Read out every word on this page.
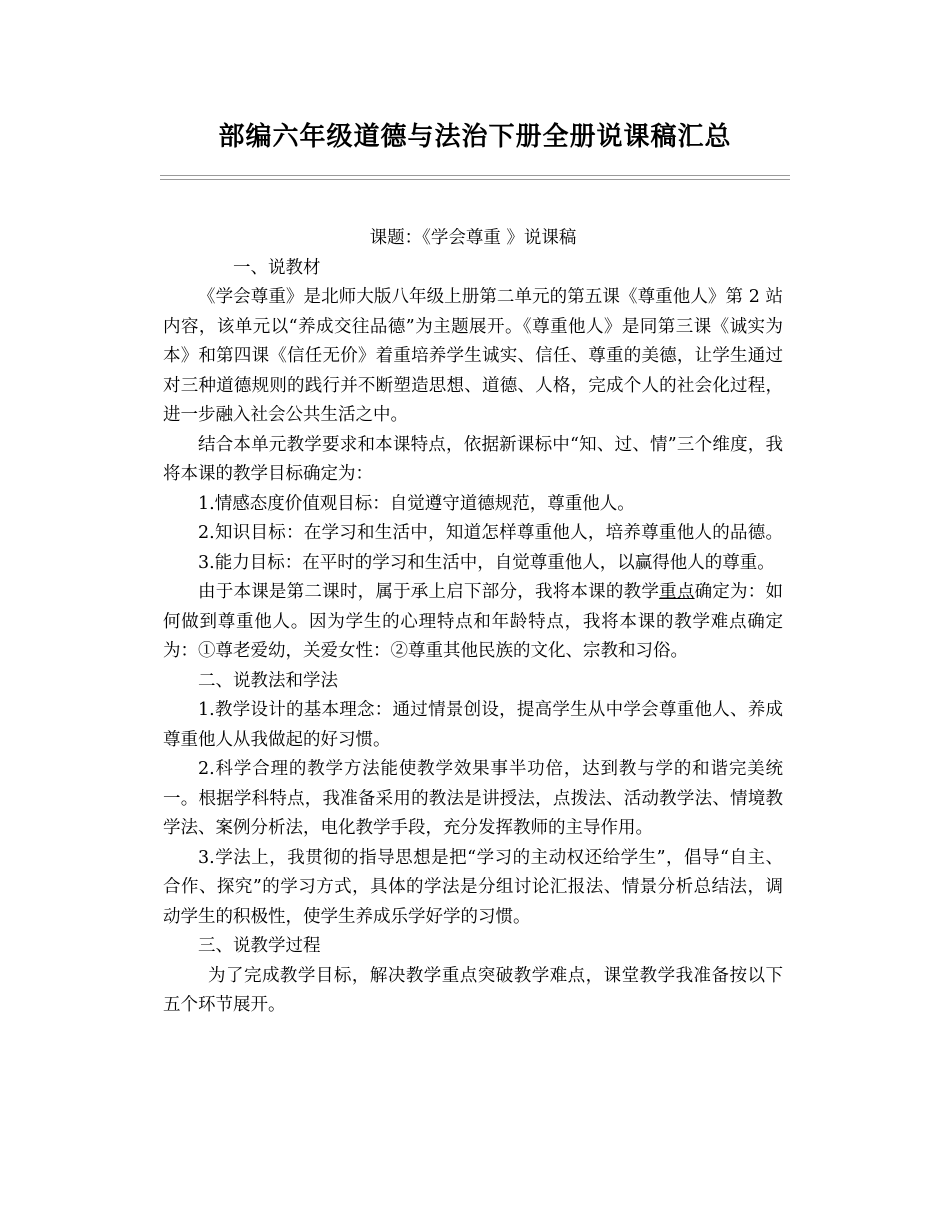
部编六年级道德与法治下册全册说课稿汇总

课题：《学会尊重 》说课稿

一、说教材

《学会尊重》是北师大版八年级上册第二单元的第五课《尊重他人》第 2 站内容，该单元以“养成交往品德”为主题展开。《尊重他人》是同第三课《诚实为本》和第四课《信任无价》着重培养学生诚实、信任、尊重的美德，让学生通过对三种道德规则的践行并不断塑造思想、道德、人格，完成个人的社会化过程，进一步融入社会公共生活之中。

结合本单元教学要求和本课特点，依据新课标中“知、过、情”三个维度，我将本课的教学目标确定为：

1.情感态度价值观目标：自觉遵守道德规范，尊重他人。

2.知识目标：在学习和生活中，知道怎样尊重他人，培养尊重他人的品德。3.能力目标：在平时的学习和生活中，自觉尊重他人，以赢得他人的尊重。

由于本课是第二课时，属于承上启下部分，我将本课的教学重点确定为：如何做到尊重他人。因为学生的心理特点和年龄特点，我将本课的教学难点确定为：①尊老爱幼，关爱女性：②尊重其他民族的文化、宗教和习俗。

二、说教法和学法

1.教学设计的基本理念：通过情景创设，提高学生从中学会尊重他人、养成尊重他人从我做起的好习惯。

2.科学合理的教学方法能使教学效果事半功倍，达到教与学的和谐完美统一。根据学科特点，我准备采用的教法是讲授法，点拨法、活动教学法、情境教学法、案例分析法，电化教学手段，充分发挥教师的主导作用。

3.学法上，我贯彻的指导思想是把“学习的主动权还给学生”，倡导“自主、合作、探究”的学习方式，具体的学法是分组讨论汇报法、情景分析总结法，调动学生的积极性，使学生养成乐学好学的习惯。

三、说教学过程

为了完成教学目标，解决教学重点突破教学难点，课堂教学我准备按以下五个环节展开。
